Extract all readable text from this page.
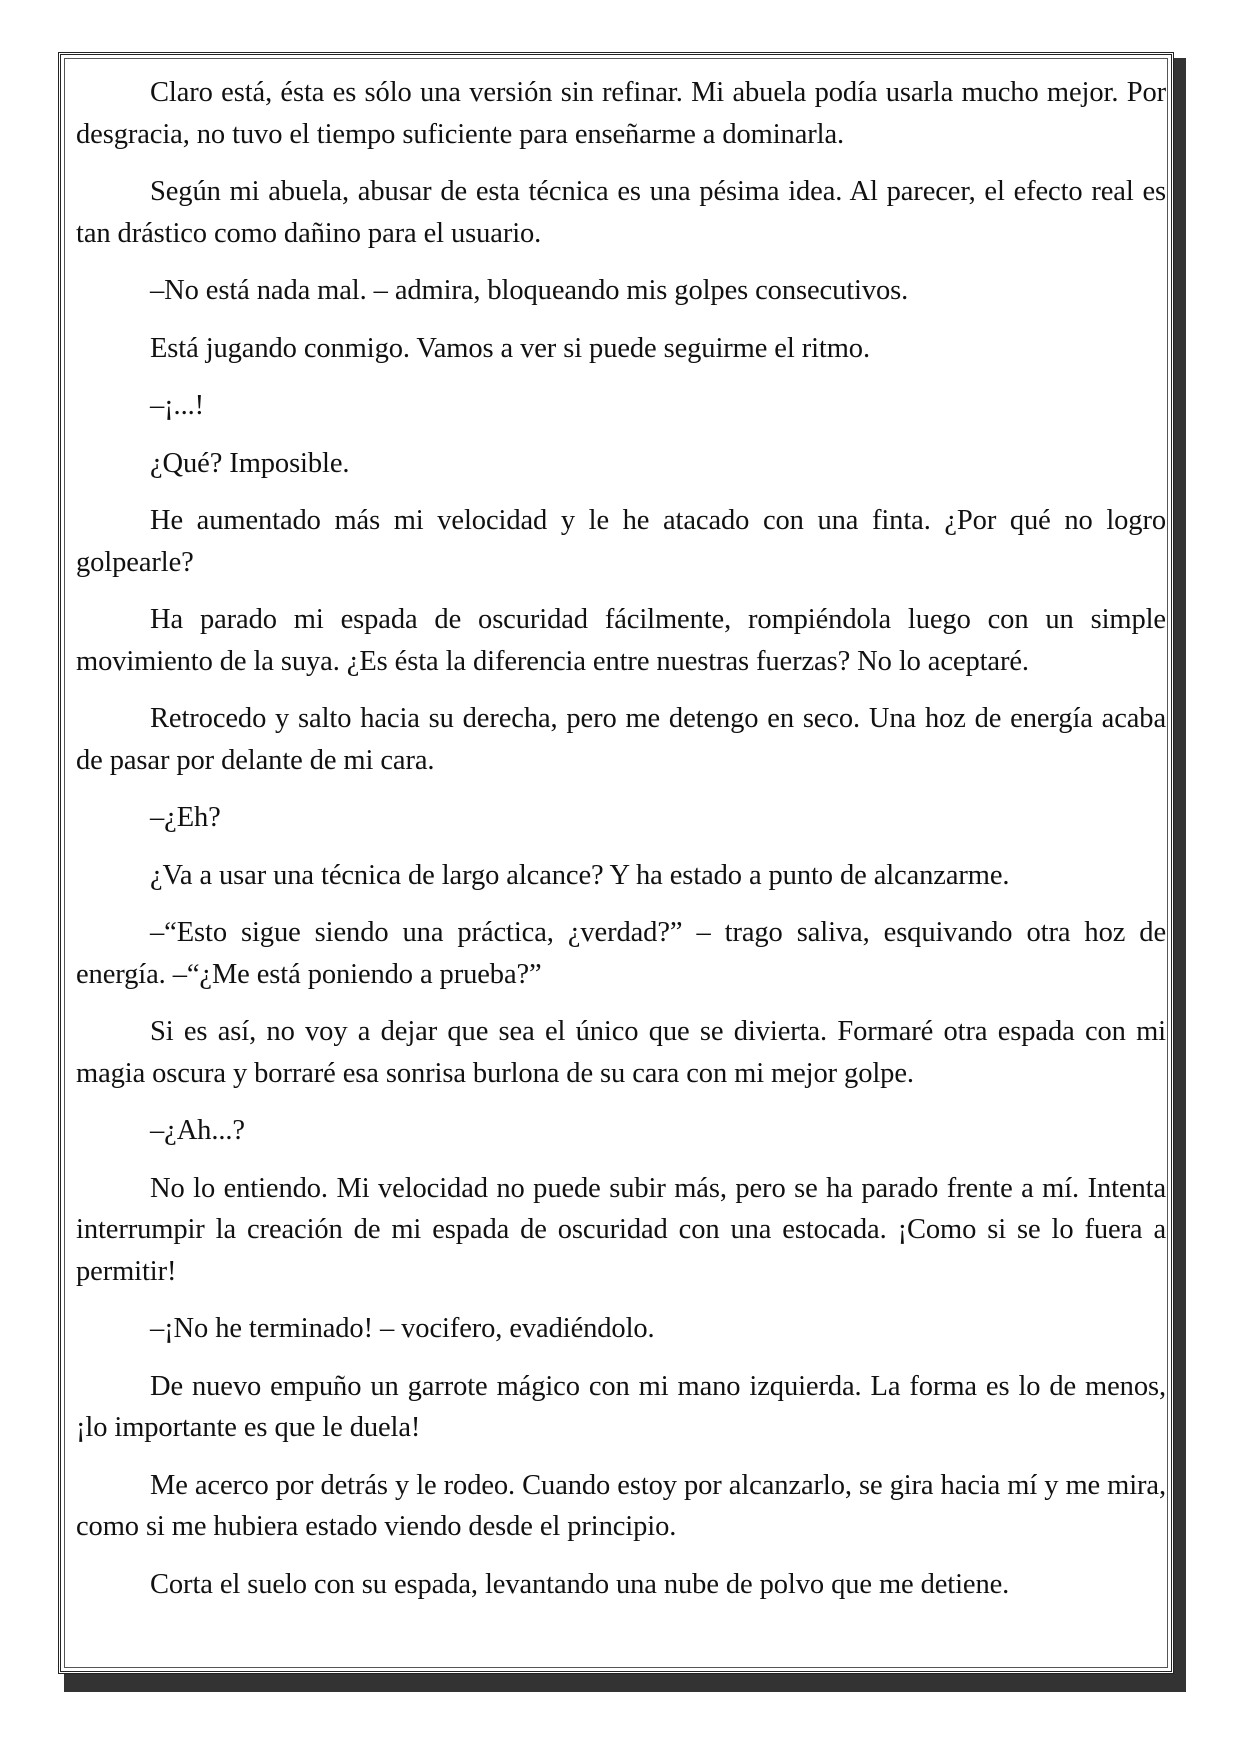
Claro está, ésta es sólo una versión sin refinar. Mi abuela podía usarla mucho mejor. Por desgracia, no tuvo el tiempo suficiente para enseñarme a dominarla.

Según mi abuela, abusar de esta técnica es una pésima idea. Al parecer, el efecto real es tan drástico como dañino para el usuario.

–No está nada mal. – admira, bloqueando mis golpes consecutivos.

Está jugando conmigo. Vamos a ver si puede seguirme el ritmo.

–¡...!

¿Qué? Imposible.

He aumentado más mi velocidad y le he atacado con una finta. ¿Por qué no logro golpearle?

Ha parado mi espada de oscuridad fácilmente, rompiéndola luego con un simple movimiento de la suya. ¿Es ésta la diferencia entre nuestras fuerzas? No lo aceptaré.

Retrocedo y salto hacia su derecha, pero me detengo en seco. Una hoz de energía acaba de pasar por delante de mi cara.

–¿Eh?

¿Va a usar una técnica de largo alcance? Y ha estado a punto de alcanzarme.

–“Esto sigue siendo una práctica, ¿verdad?” – trago saliva, esquivando otra hoz de energía. –“¿Me está poniendo a prueba?”

Si es así, no voy a dejar que sea el único que se divierta. Formaré otra espada con mi magia oscura y borraré esa sonrisa burlona de su cara con mi mejor golpe.

–¿Ah...?

No lo entiendo. Mi velocidad no puede subir más, pero se ha parado frente a mí. Intenta interrumpir la creación de mi espada de oscuridad con una estocada. ¡Como si se lo fuera a permitir!

–¡No he terminado! – vocifero, evadiéndolo.

De nuevo empuño un garrote mágico con mi mano izquierda. La forma es lo de menos, ¡lo importante es que le duela!

Me acerco por detrás y le rodeo. Cuando estoy por alcanzarlo, se gira hacia mí y me mira, como si me hubiera estado viendo desde el principio.

Corta el suelo con su espada, levantando una nube de polvo que me detiene.
